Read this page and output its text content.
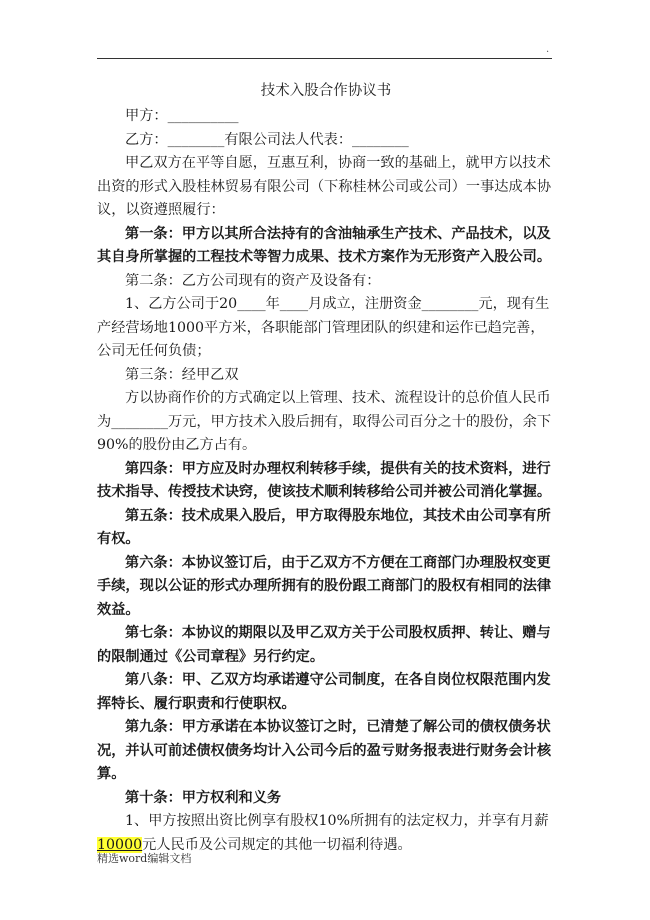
.
技术入股合作协议书

甲方：__________

乙方：________有限公司法人代表：________

甲乙双方在平等自愿，互惠互利，协商一致的基础上，就甲方以技术出资的形式入股桂林贸易有限公司（下称桂林公司或公司）一事达成本协议，以资遵照履行：

第一条：甲方以其所合法持有的含油轴承生产技术、产品技术，以及其自身所掌握的工程技术等智力成果、技术方案作为无形资产入股公司。

第二条：乙方公司现有的资产及设备有：

1、乙方公司于20____年____月成立，注册资金________元，现有生产经营场地1000平方米，各职能部门管理团队的织建和运作已趋完善，公司无任何负债；

第三条：经甲乙双

方以协商作价的方式确定以上管理、技术、流程设计的总价值人民币为________万元，甲方技术入股后拥有，取得公司百分之十的股份，余下90%的股份由乙方占有。

第四条：甲方应及时办理权利转移手续，提供有关的技术资料，进行技术指导、传授技术诀窍，使该技术顺利转移给公司并被公司消化掌握。

第五条：技术成果入股后，甲方取得股东地位，其技术由公司享有所有权。

第六条：本协议签订后，由于乙双方不方便在工商部门办理股权变更手续，现以公证的形式办理所拥有的股份跟工商部门的股权有相同的法律效益。

第七条：本协议的期限以及甲乙双方关于公司股权质押、转让、赠与的限制通过《公司章程》另行约定。

第八条：甲、乙双方均承诺遵守公司制度，在各自岗位权限范围内发挥特长、履行职责和行使职权。

第九条：甲方承诺在本协议签订之时，已清楚了解公司的债权债务状况，并认可前述债权债务均计入公司今后的盈亏财务报表进行财务会计核算。

第十条：甲方权利和义务

1、甲方按照出资比例享有股权10%所拥有的法定权力，并享有月薪10000元人民币及公司规定的其他一切福利待遇。

精选word编辑文档
